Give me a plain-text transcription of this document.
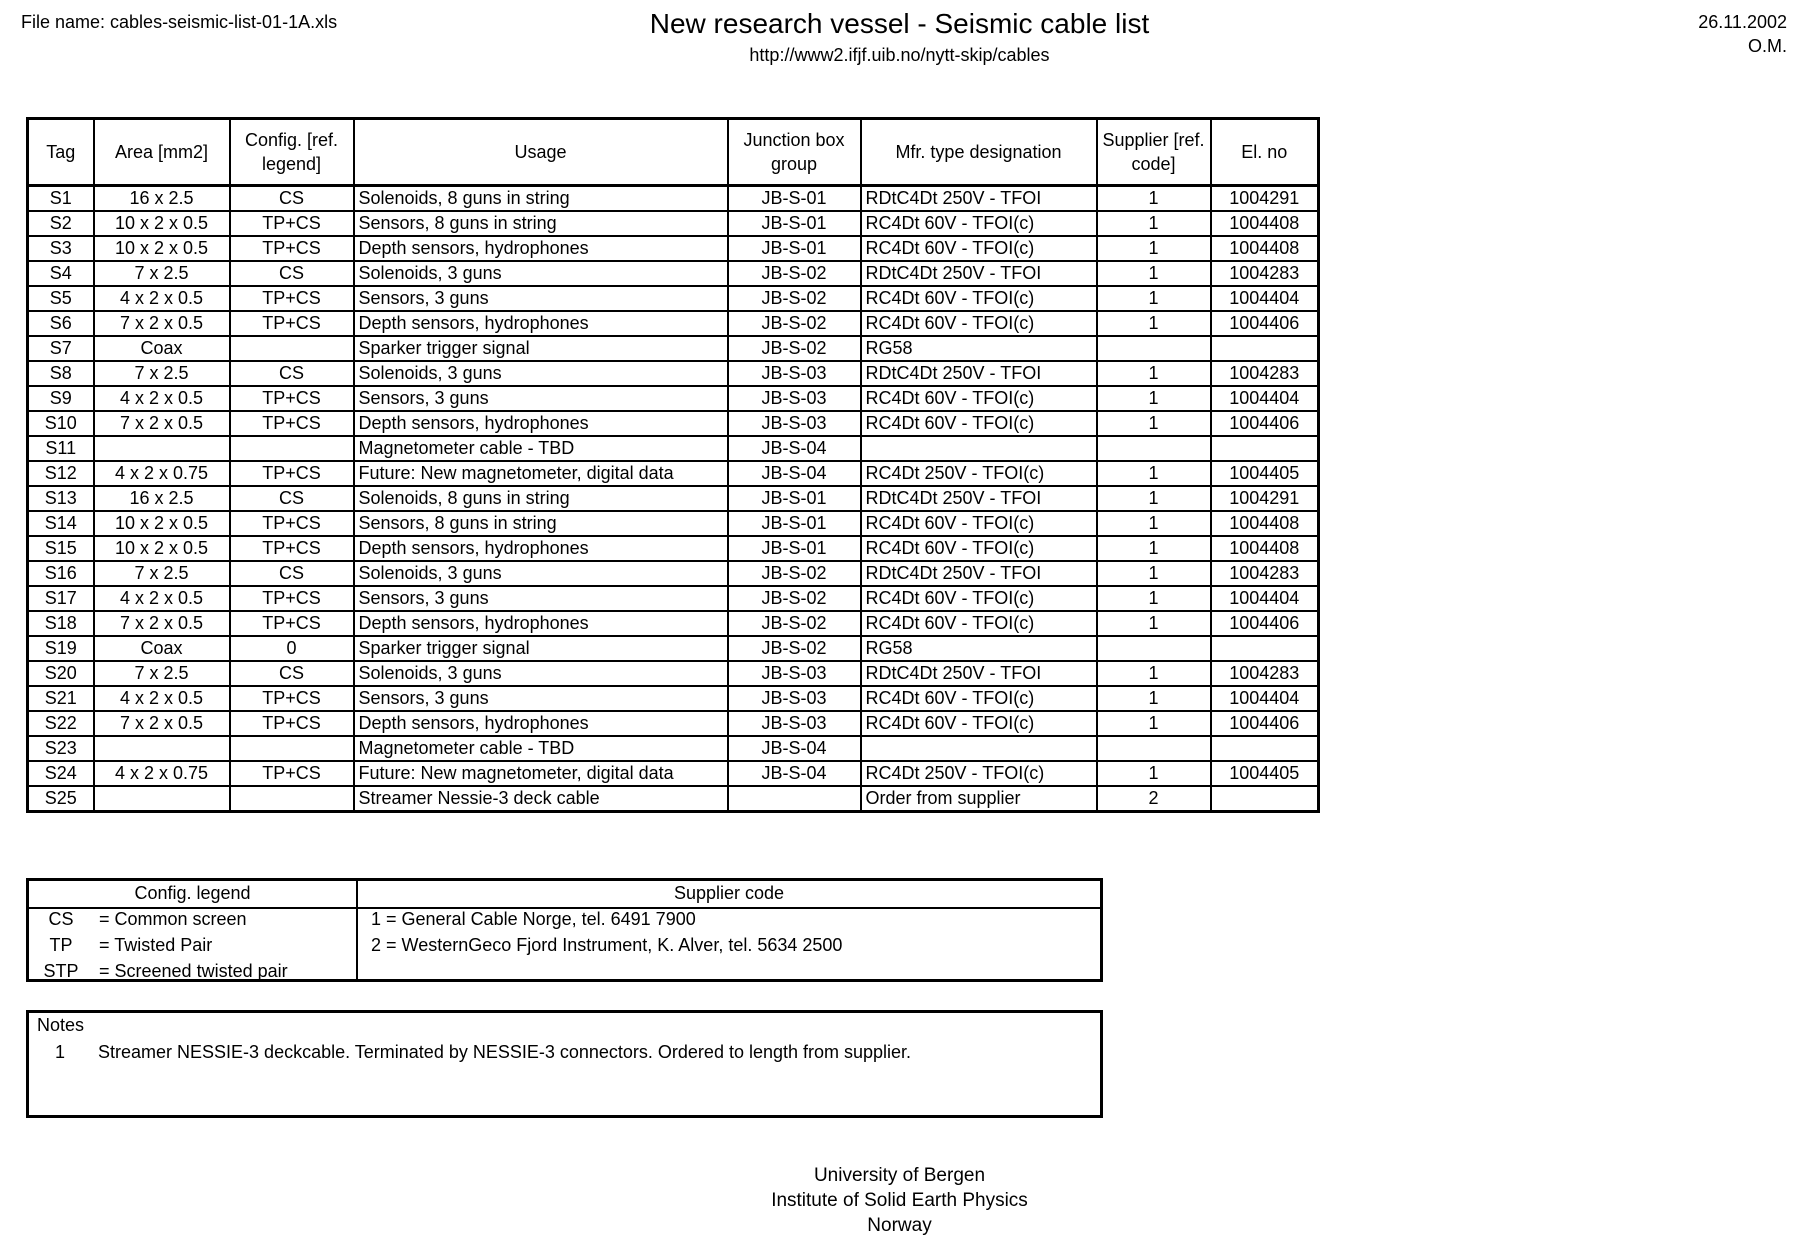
File name: cables-seismic-list-01-1A.xls	New research vessel - Seismic cable list
http://www2.ifjf.uib.no/nytt-skip/cables
26.11.2002
O.M.
Tag	Area [mm2]	Config. [ref. legend]	Usage	Junction box group	Mfr. type designation	Supplier [ref. code]	El. no
S1	16 x 2.5	CS	Solenoids, 8 guns in string	JB-S-01	RDtC4Dt 250V - TFOI	1	1004291
S2	10 x 2 x 0.5	TP+CS	Sensors, 8 guns in string	JB-S-01	RC4Dt 60V - TFOI(c)	1	1004408
S3	10 x 2 x 0.5	TP+CS	Depth sensors, hydrophones	JB-S-01	RC4Dt 60V - TFOI(c)	1	1004408
S4	7 x 2.5	CS	Solenoids, 3 guns	JB-S-02	RDtC4Dt 250V - TFOI	1	1004283
S5	4 x 2 x 0.5	TP+CS	Sensors, 3 guns	JB-S-02	RC4Dt 60V - TFOI(c)	1	1004404
S6	7 x 2 x 0.5	TP+CS	Depth sensors, hydrophones	JB-S-02	RC4Dt 60V - TFOI(c)	1	1004406
S7	Coax		Sparker trigger signal	JB-S-02	RG58		
S8	7 x 2.5	CS	Solenoids, 3 guns	JB-S-03	RDtC4Dt 250V - TFOI	1	1004283
S9	4 x 2 x 0.5	TP+CS	Sensors, 3 guns	JB-S-03	RC4Dt 60V - TFOI(c)	1	1004404
S10	7 x 2 x 0.5	TP+CS	Depth sensors, hydrophones	JB-S-03	RC4Dt 60V - TFOI(c)	1	1004406
S11			Magnetometer cable - TBD	JB-S-04			
S12	4 x 2 x 0.75	TP+CS	Future: New magnetometer, digital data	JB-S-04	RC4Dt 250V - TFOI(c)	1	1004405
S13	16 x 2.5	CS	Solenoids, 8 guns in string	JB-S-01	RDtC4Dt 250V - TFOI	1	1004291
S14	10 x 2 x 0.5	TP+CS	Sensors, 8 guns in string	JB-S-01	RC4Dt 60V - TFOI(c)	1	1004408
S15	10 x 2 x 0.5	TP+CS	Depth sensors, hydrophones	JB-S-01	RC4Dt 60V - TFOI(c)	1	1004408
S16	7 x 2.5	CS	Solenoids, 3 guns	JB-S-02	RDtC4Dt 250V - TFOI	1	1004283
S17	4 x 2 x 0.5	TP+CS	Sensors, 3 guns	JB-S-02	RC4Dt 60V - TFOI(c)	1	1004404
S18	7 x 2 x 0.5	TP+CS	Depth sensors, hydrophones	JB-S-02	RC4Dt 60V - TFOI(c)	1	1004406
S19	Coax	0	Sparker trigger signal	JB-S-02	RG58		
S20	7 x 2.5	CS	Solenoids, 3 guns	JB-S-03	RDtC4Dt 250V - TFOI	1	1004283
S21	4 x 2 x 0.5	TP+CS	Sensors, 3 guns	JB-S-03	RC4Dt 60V - TFOI(c)	1	1004404
S22	7 x 2 x 0.5	TP+CS	Depth sensors, hydrophones	JB-S-03	RC4Dt 60V - TFOI(c)	1	1004406
S23			Magnetometer cable - TBD	JB-S-04			
S24	4 x 2 x 0.75	TP+CS	Future: New magnetometer, digital data	JB-S-04	RC4Dt 250V - TFOI(c)	1	1004405
S25			Streamer Nessie-3 deck cable		Order from supplier	2	
Config. legend	Supplier code
CS	= Common screen
TP	= Twisted Pair
STP	= Screened twisted pair
1 = General Cable Norge, tel. 6491 7900
2 = WesternGeco Fjord Instrument, K. Alver, tel. 5634 2500
Notes
1 Streamer NESSIE-3 deckcable. Terminated by NESSIE-3 connectors. Ordered to length from supplier.
University of Bergen
Institute of Solid Earth Physics
Norway
